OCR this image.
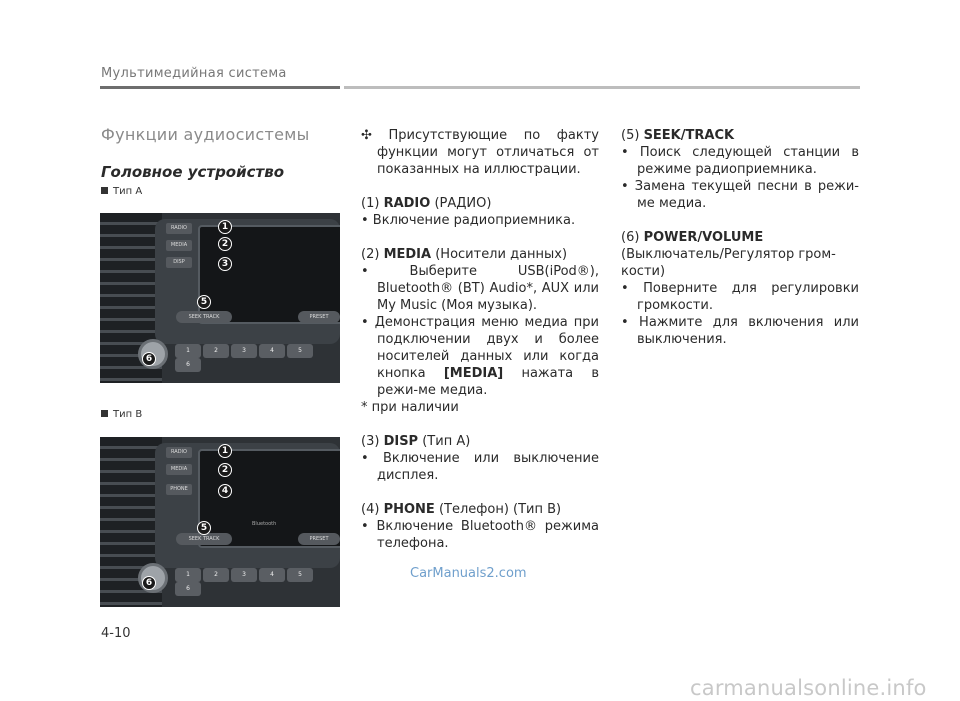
Мультимедийная система
Функции аудиосистемы
Головное устройство
Тип А
RADIO
MEDIA
DISP
SEEK TRACK	PRESET
1	2	3	4	5
6
1
2
3
5
6
Тип В
RADIO
MEDIA
PHONE
Bluetooth
SEEK TRACK	PRESET
1	2	3	4	5
6
1
2
4
5
6

✣ Присутствующие по факту функции могут отличаться от показанных на иллюстрации.

(1) RADIO (РАДИО)

• Включение радиоприемника.

(2) MEDIA (Носители данных)

• Выберите USB(iPod®), Bluetooth® (BT) Audio*, AUX или My Music (Моя музыка).

• Демонстрация меню медиа при подключении двух и более носителей данных или когда кнопка [MEDIA] нажата в режи-ме медиа.

* при наличии

(3) DISP (Тип А)

• Включение или выключение дисплея.

(4) PHONE (Телефон) (Тип В)

• Включение Bluetooth® режима телефона.

(5) SEEK/TRACK

• Поиск следующей станции в режиме радиоприемника.

• Замена текущей песни в режи-ме медиа.

(6) POWER/VOLUME

(Выключатель/Регулятор гром-кости)

• Поверните для регулировки громкости.

• Нажмите для включения или выключения.

4-10
CarManuals2.com
carmanualsonline.info
